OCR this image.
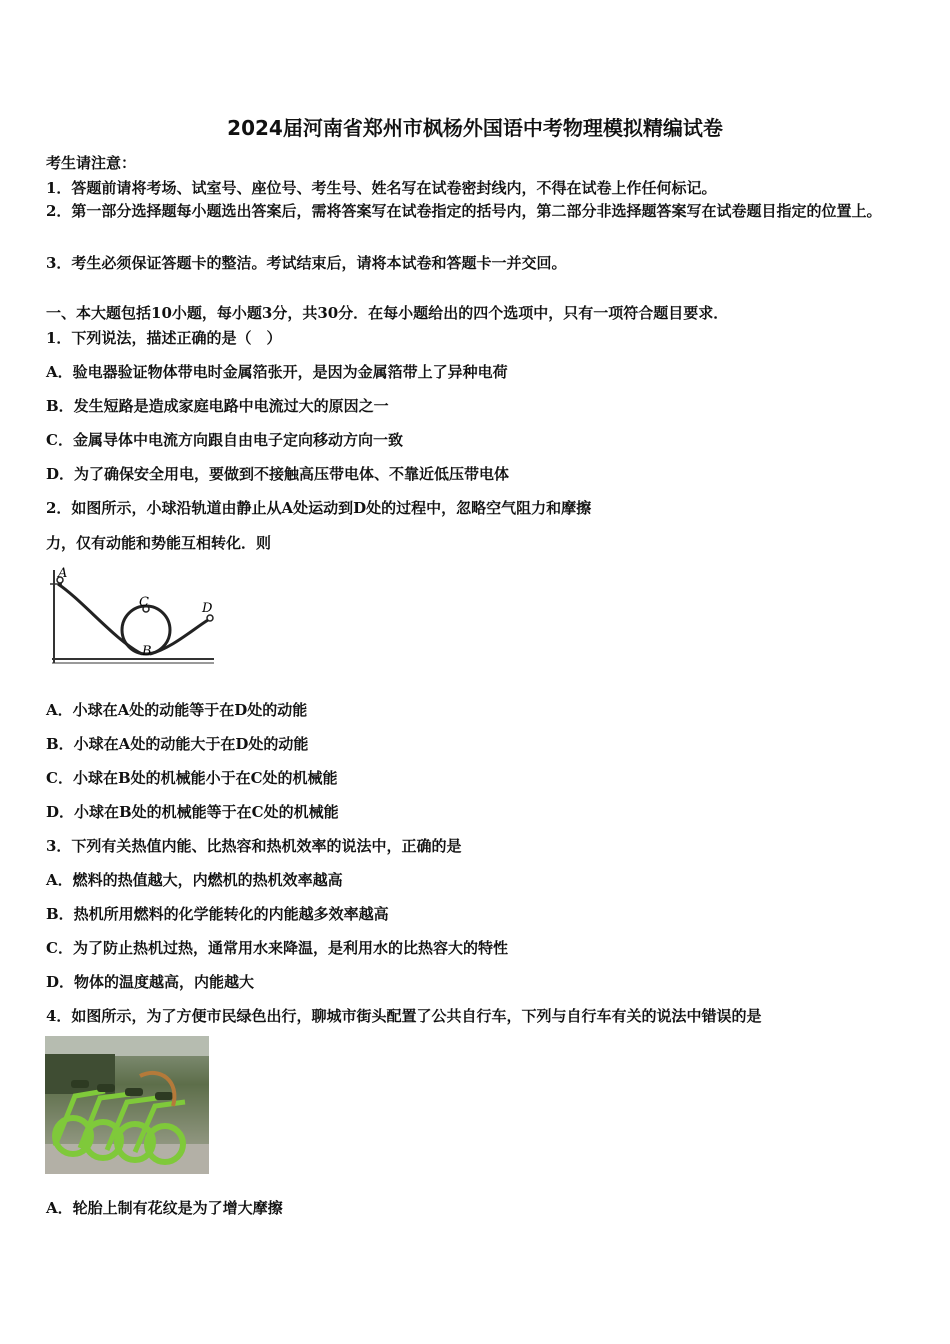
2024届河南省郑州市枫杨外国语中考物理模拟精编试卷
考生请注意：
1．答题前请将考场、试室号、座位号、考生号、姓名写在试卷密封线内，不得在试卷上作任何标记。
2．第一部分选择题每小题选出答案后，需将答案写在试卷指定的括号内，第二部分非选择题答案写在试卷题目指定的位置上。
3．考生必须保证答题卡的整洁。考试结束后，请将本试卷和答题卡一并交回。
一、本大题包括10小题，每小题3分，共30分．在每小题给出的四个选项中，只有一项符合题目要求．
1．下列说法，描述正确的是（　）
A．验电器验证物体带电时金属箔张开，是因为金属箔带上了异种电荷
B．发生短路是造成家庭电路中电流过大的原因之一
C．金属导体中电流方向跟自由电子定向移动方向一致
D．为了确保安全用电，要做到不接触高压带电体、不靠近低压带电体
2．如图所示，小球沿轨道由静止从A处运动到D处的过程中，忽略空气阻力和摩擦
力，仅有动能和势能互相转化．则
A
C
B
D
A．小球在A处的动能等于在D处的动能
B．小球在A处的动能大于在D处的动能
C．小球在B处的机械能小于在C处的机械能
D．小球在B处的机械能等于在C处的机械能
3．下列有关热值内能、比热容和热机效率的说法中，正确的是
A．燃料的热值越大，内燃机的热机效率越高
B．热机所用燃料的化学能转化的内能越多效率越高
C．为了防止热机过热，通常用水来降温，是利用水的比热容大的特性
D．物体的温度越高，内能越大
4．如图所示，为了方便市民绿色出行，聊城市街头配置了公共自行车，下列与自行车有关的说法中错误的是
A．轮胎上制有花纹是为了增大摩擦
